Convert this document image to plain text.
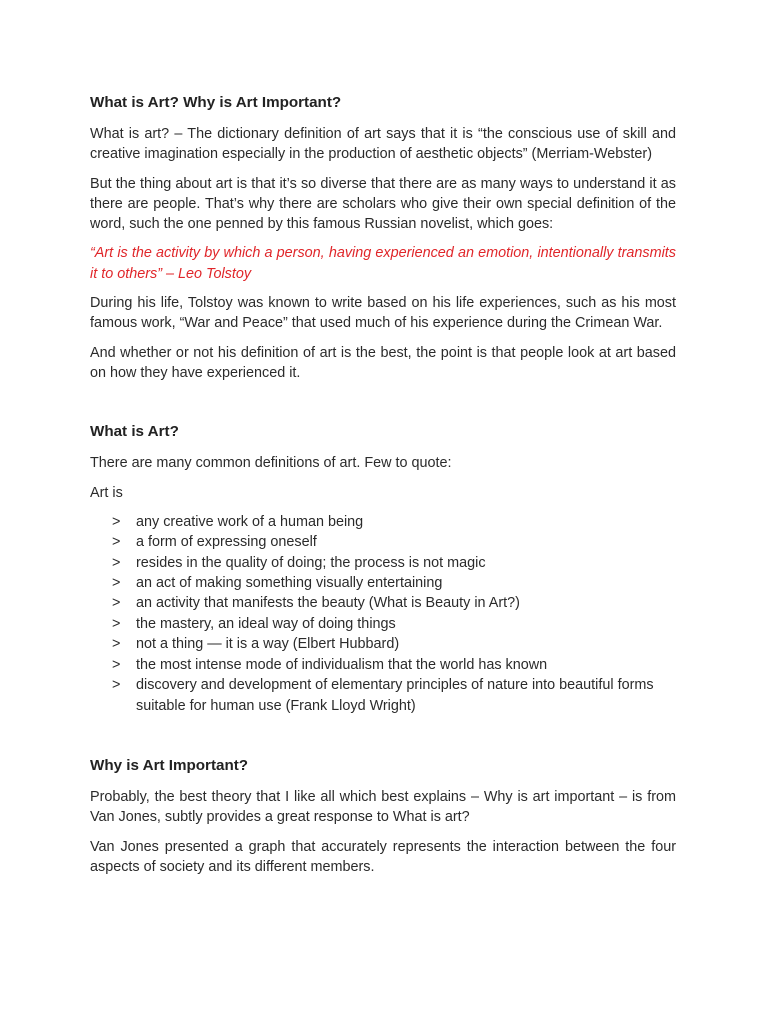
What is Art? Why is Art Important?

What is art? – The dictionary definition of art says that it is “the conscious use of skill and creative imagination especially in the production of aesthetic objects” (Merriam-Webster)

But the thing about art is that it’s so diverse that there are as many ways to understand it as there are people. That’s why there are scholars who give their own special definition of the word, such the one penned by this famous Russian novelist, which goes:

“Art is the activity by which a person, having experienced an emotion, intentionally transmits it to others” – Leo Tolstoy

During his life, Tolstoy was known to write based on his life experiences, such as his most famous work, “War and Peace” that used much of his experience during the Crimean War.

And whether or not his definition of art is the best, the point is that people look at art based on how they have experienced it.

What is Art?

There are many common definitions of art. Few to quote:

Art is

> any creative work of a human being
> a form of expressing oneself
> resides in the quality of doing; the process is not magic
> an act of making something visually entertaining
> an activity that manifests the beauty (What is Beauty in Art?)
> the mastery, an ideal way of doing things
> not a thing — it is a way (Elbert Hubbard)
> the most intense mode of individualism that the world has known
> discovery and development of elementary principles of nature into beautiful forms suitable for human use (Frank Lloyd Wright)
Why is Art Important?

Probably, the best theory that I like all which best explains – Why is art important – is from Van Jones, subtly provides a great response to What is art?

Van Jones presented a graph that accurately represents the interaction between the four aspects of society and its different members.
